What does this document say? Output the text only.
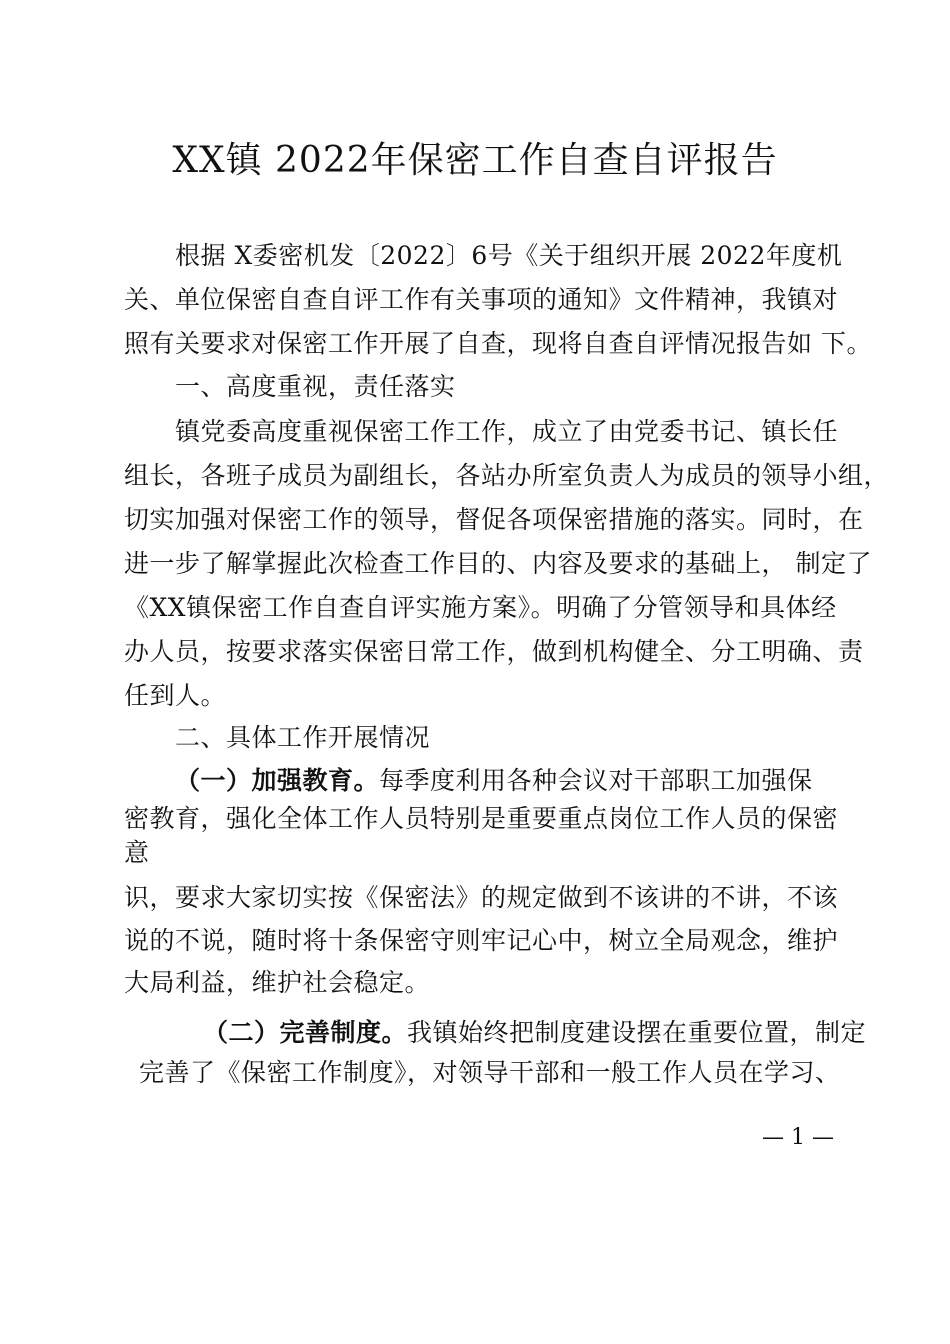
XX镇 2022年保密工作自查自评报告
根据 X委密机发〔2022〕6号《关于组织开展 2022年度机
关、单位保密自查自评工作有关事项的通知》文件精神，我镇对
照有关要求对保密工作开展了自查，现将自查自评情况报告如 下。
一、高度重视，责任落实
镇党委高度重视保密工作工作，成立了由党委书记、镇长任
组长，各班子成员为副组长，各站办所室负责人为成员的领导小组，
切实加强对保密工作的领导，督促各项保密措施的落实。同时，在
进一步了解掌握此次检查工作目的、内容及要求的基础上， 制定了
《XX镇保密工作自查自评实施方案》。明确了分管领导和具体经
办人员，按要求落实保密日常工作，做到机构健全、分工明确、责
任到人。
二、具体工作开展情况
（一）加强教育。每季度利用各种会议对干部职工加强保
密教育，强化全体工作人员特别是重要重点岗位工作人员的保密
意
识，要求大家切实按《保密法》的规定做到不该讲的不讲，不该
说的不说，随时将十条保密守则牢记心中，树立全局观念，维护
大局利益，维护社会稳定。
（二）完善制度。我镇始终把制度建设摆在重要位置，制定
完善了《保密工作制度》，对领导干部和一般工作人员在学习、
— 1 —
